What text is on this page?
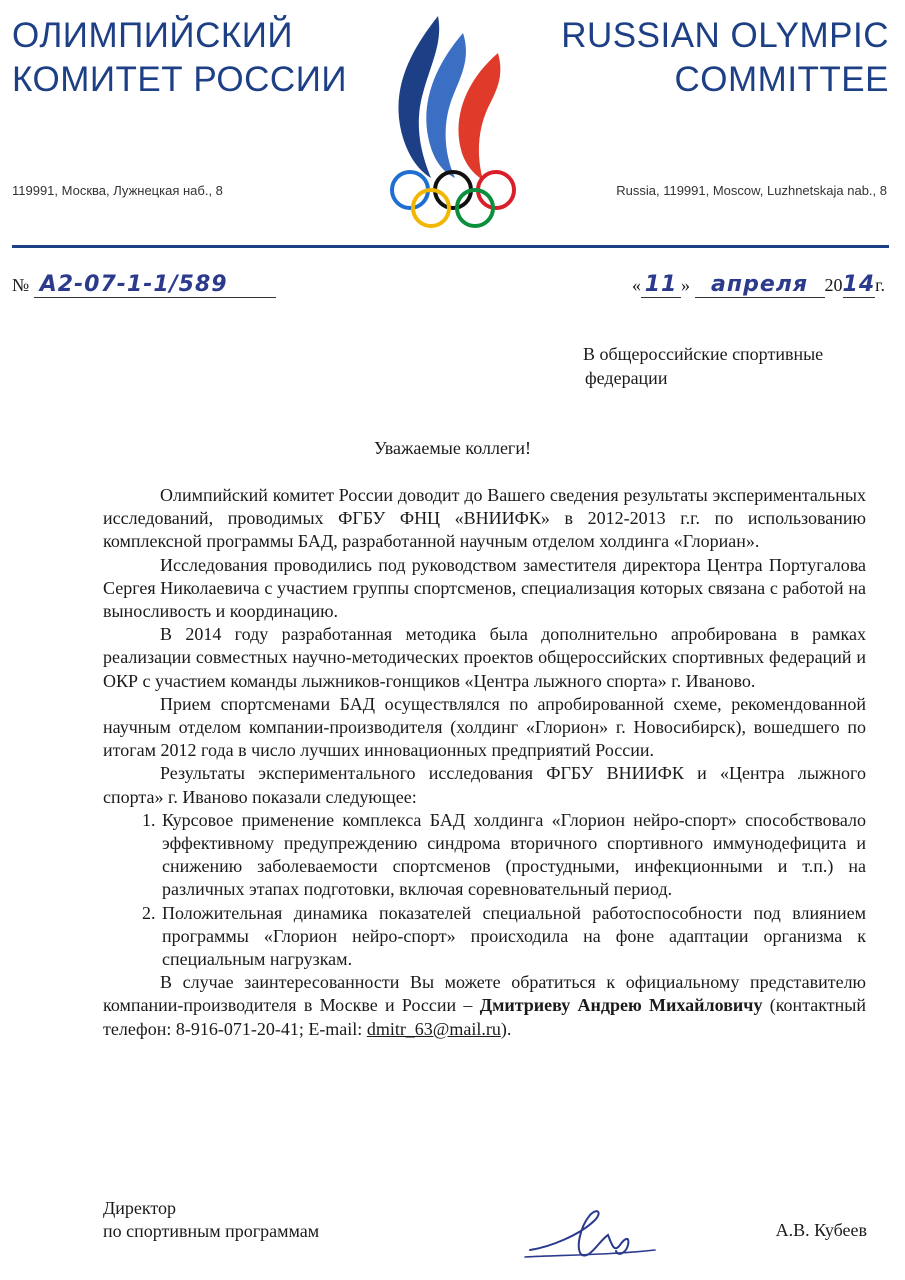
ОЛИМПИЙСКИЙ
КОМИТЕТ РОССИИ
RUSSIAN OLYMPIC
COMMITTEE
119991, Москва, Лужнецкая наб., 8	Russia, 119991, Moscow, Luzhnetskaja nab., 8
№ А2-07-1-1/589	« 11 » апреля 2014г.
В общероссийские спортивные
федерации
Уважаемые коллеги!

Олимпийский комитет России доводит до Вашего сведения результаты экспериментальных исследований, проводимых ФГБУ ФНЦ «ВНИИФК» в 2012-2013 г.г. по использованию комплексной программы БАД, разработанной научным отделом холдинга «Глориан».

Исследования проводились под руководством заместителя директора Центра Португалова Сергея Николаевича с участием группы спортсменов, специализация которых связана с работой на выносливость и координацию.

В 2014 году разработанная методика была дополнительно апробирована в рамках реализации совместных научно-методических проектов общероссийских спортивных федераций и ОКР с участием команды лыжников-гонщиков «Центра лыжного спорта» г. Иваново.

Прием спортсменами БАД осуществлялся по апробированной схеме, рекомендованной научным отделом компании-производителя (холдинг «Глорион» г. Новосибирск), вошедшего по итогам 2012 года в число лучших инновационных предприятий России.

Результаты экспериментального исследования ФГБУ ВНИИФК и «Центра лыжного спорта» г. Иваново показали следующее:

1. Курсовое применение комплекса БАД холдинга «Глорион нейро-спорт» способствовало эффективному предупреждению синдрома вторичного спортивного иммунодефицита и снижению заболеваемости спортсменов (простудными, инфекционными и т.п.) на различных этапах подготовки, включая соревновательный период.
2. Положительная динамика показателей специальной работоспособности под влиянием программы «Глорион нейро-спорт» происходила на фоне адаптации организма к специальным нагрузкам.

В случае заинтересованности Вы можете обратиться к официальному представителю компании-производителя в Москве и России – Дмитриеву Андрею Михайловичу (контактный телефон: 8-916-071-20-41; E-mail: dmitr_63@mail.ru).

Директор
по спортивным программам	А.В. Кубеев
